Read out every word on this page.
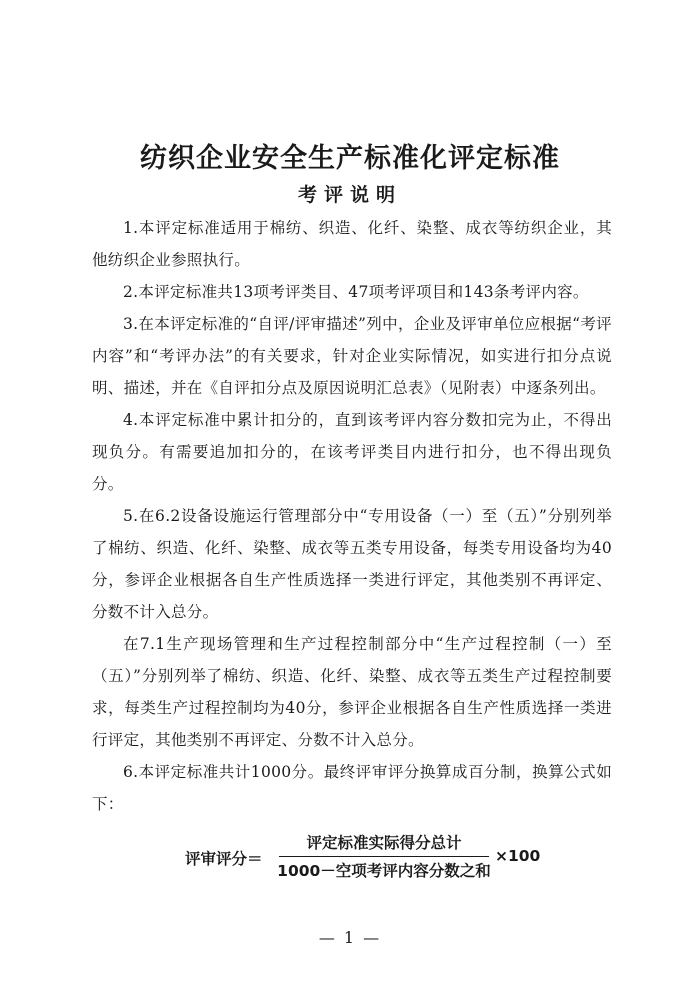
纺织企业安全生产标准化评定标准
考评说明

1.本评定标准适用于棉纺、织造、化纤、染整、成衣等纺织企业，其他纺织企业参照执行。

2.本评定标准共13项考评类目、47项考评项目和143条考评内容。

3.在本评定标准的“自评/评审描述”列中，企业及评审单位应根据“考评内容”和“考评办法”的有关要求，针对企业实际情况，如实进行扣分点说明、描述，并在《自评扣分点及原因说明汇总表》（见附表）中逐条列出。

4.本评定标准中累计扣分的，直到该考评内容分数扣完为止，不得出现负分。有需要追加扣分的，在该考评类目内进行扣分，也不得出现负分。

5.在6.2设备设施运行管理部分中“专用设备（一）至（五）”分别列举了棉纺、织造、化纤、染整、成衣等五类专用设备，每类专用设备均为40分，参评企业根据各自生产性质选择一类进行评定，其他类别不再评定、分数不计入总分。

在7.1生产现场管理和生产过程控制部分中“生产过程控制（一）至（五）”分别列举了棉纺、织造、化纤、染整、成衣等五类生产过程控制要求，每类生产过程控制均为40分，参评企业根据各自生产性质选择一类进行评定，其他类别不再评定、分数不计入总分。

6.本评定标准共计1000分。最终评审评分换算成百分制，换算公式如下：

评审评分＝
评定标准实际得分总计
1000－空项考评内容分数之和
×100
— 1 —
